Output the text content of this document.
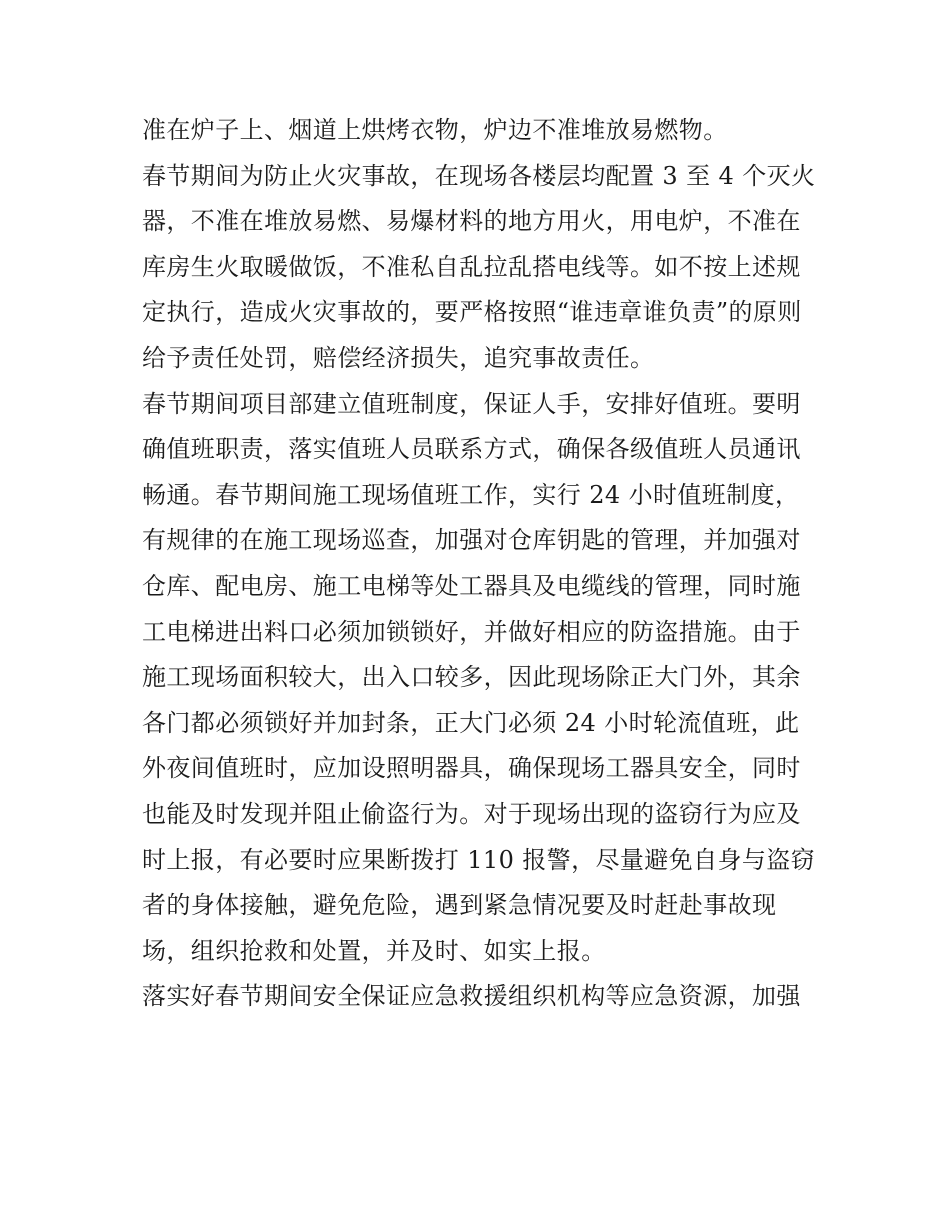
准在炉子上、烟道上烘烤衣物，炉边不准堆放易燃物。
春节期间为防止火灾事故，在现场各楼层均配置 3 至 4 个灭火
器，不准在堆放易燃、易爆材料的地方用火，用电炉，不准在
库房生火取暖做饭，不准私自乱拉乱搭电线等。如不按上述规
定执行，造成火灾事故的，要严格按照“谁违章谁负责”的原则
给予责任处罚，赔偿经济损失，追究事故责任。
春节期间项目部建立值班制度，保证人手，安排好值班。要明
确值班职责，落实值班人员联系方式，确保各级值班人员通讯
畅通。春节期间施工现场值班工作，实行 24 小时值班制度，
有规律的在施工现场巡查，加强对仓库钥匙的管理，并加强对
仓库、配电房、施工电梯等处工器具及电缆线的管理，同时施
工电梯进出料口必须加锁锁好，并做好相应的防盗措施。由于
施工现场面积较大，出入口较多，因此现场除正大门外，其余
各门都必须锁好并加封条，正大门必须 24 小时轮流值班，此
外夜间值班时，应加设照明器具，确保现场工器具安全，同时
也能及时发现并阻止偷盗行为。对于现场出现的盗窃行为应及
时上报，有必要时应果断拨打 110 报警，尽量避免自身与盗窃
者的身体接触，避免危险，遇到紧急情况要及时赶赴事故现
场，组织抢救和处置，并及时、如实上报。
落实好春节期间安全保证应急救援组织机构等应急资源，加强
